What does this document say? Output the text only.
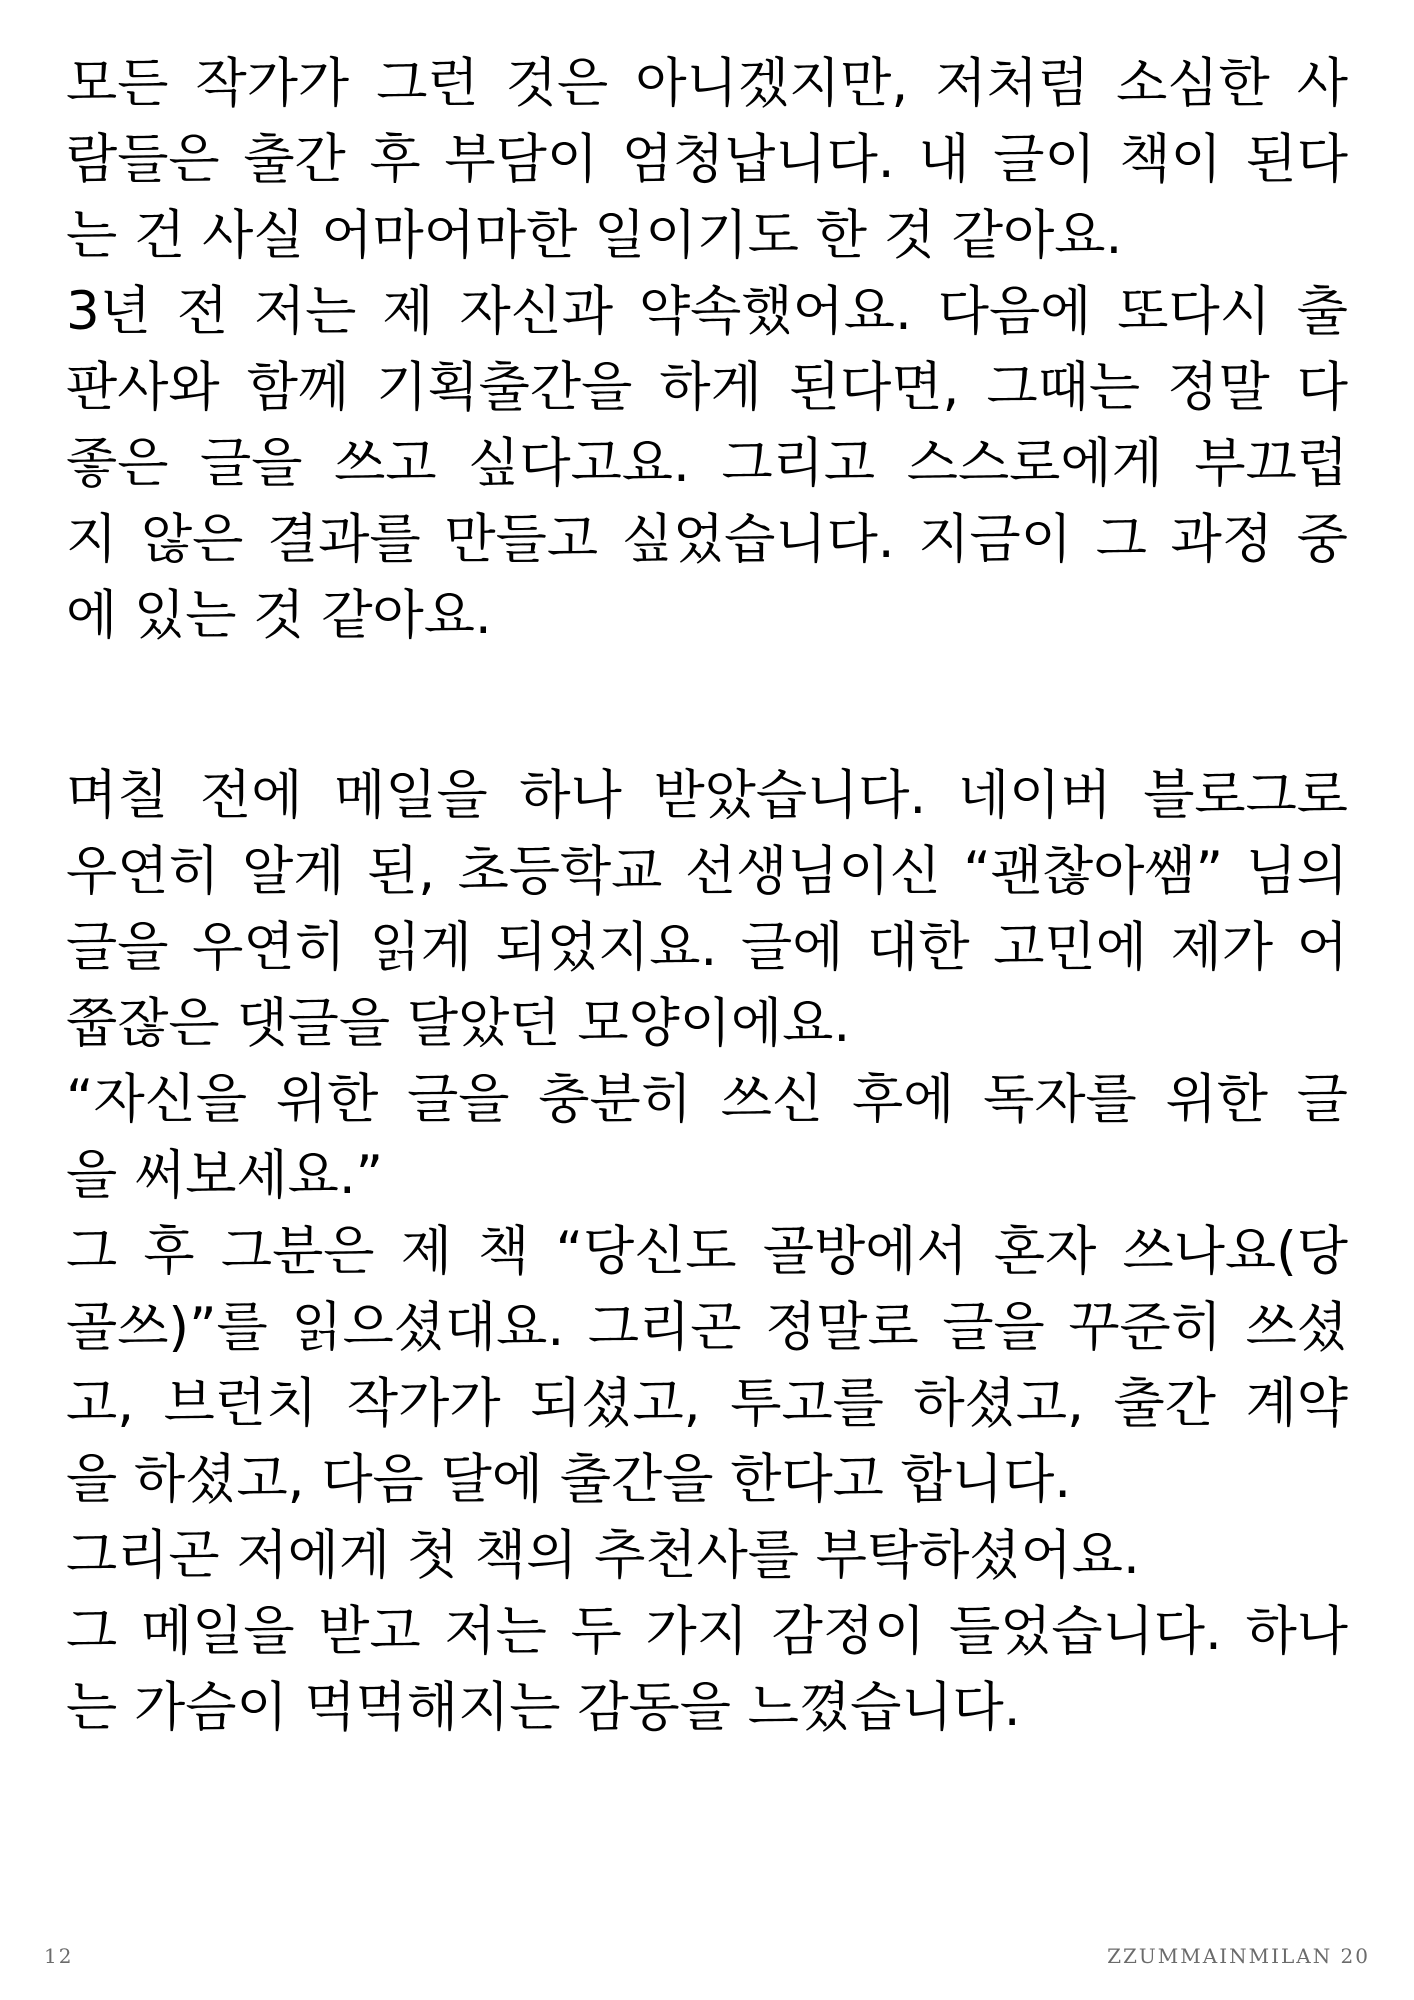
모든 작가가 그런 것은 아니겠지만, 저처럼 소심한 사
람들은 출간 후 부담이 엄청납니다. 내 글이 책이 된다
는 건 사실 어마어마한 일이기도 한 것 같아요.
3년 전 저는 제 자신과 약속했어요. 다음에 또다시 출
판사와 함께 기획출간을 하게 된다면, 그때는 정말 다
좋은 글을 쓰고 싶다고요. 그리고 스스로에게 부끄럽
지 않은 결과를 만들고 싶었습니다. 지금이 그 과정 중
에 있는 것 같아요.
며칠 전에 메일을 하나 받았습니다. 네이버 블로그로
우연히 알게 된, 초등학교 선생님이신 “괜찮아쌤” 님의
글을 우연히 읽게 되었지요. 글에 대한 고민에 제가 어
쭙잖은 댓글을 달았던 모양이에요.
“자신을 위한 글을 충분히 쓰신 후에 독자를 위한 글
을 써보세요.”
그 후 그분은 제 책 “당신도 골방에서 혼자 쓰나요(당
골쓰)”를 읽으셨대요. 그리곤 정말로 글을 꾸준히 쓰셨
고, 브런치 작가가 되셨고, 투고를 하셨고, 출간 계약
을 하셨고, 다음 달에 출간을 한다고 합니다.
그리곤 저에게 첫 책의 추천사를 부탁하셨어요.
그 메일을 받고 저는 두 가지 감정이 들었습니다. 하나
는 가슴이 먹먹해지는 감동을 느꼈습니다.
12	ZZUMMAINMILAN 20
